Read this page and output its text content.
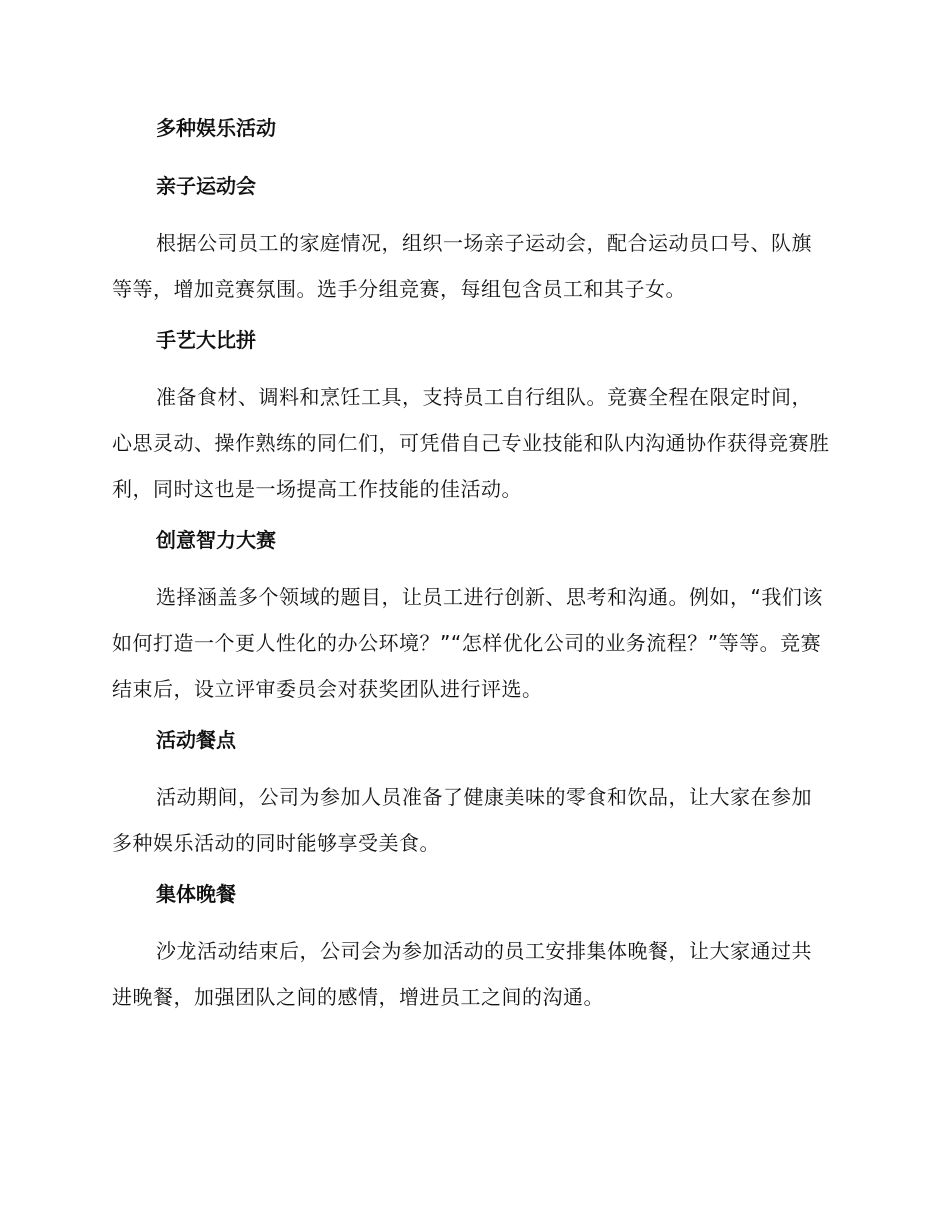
多种娱乐活动
亲子运动会
根据公司员工的家庭情况，组织一场亲子运动会，配合运动员口号、队旗等等，增加竞赛氛围。选手分组竞赛，每组包含员工和其子女。
手艺大比拼
准备食材、调料和烹饪工具，支持员工自行组队。竞赛全程在限定时间，心思灵动、操作熟练的同仁们，可凭借自己专业技能和队内沟通协作获得竞赛胜利，同时这也是一场提高工作技能的佳活动。
创意智力大赛
选择涵盖多个领域的题目，让员工进行创新、思考和沟通。例如，“我们该如何打造一个更人性化的办公环境？”“怎样优化公司的业务流程？”等等。竞赛结束后，设立评审委员会对获奖团队进行评选。
活动餐点
活动期间，公司为参加人员准备了健康美味的零食和饮品，让大家在参加多种娱乐活动的同时能够享受美食。
集体晚餐
沙龙活动结束后，公司会为参加活动的员工安排集体晚餐，让大家通过共进晚餐，加强团队之间的感情，增进员工之间的沟通。
